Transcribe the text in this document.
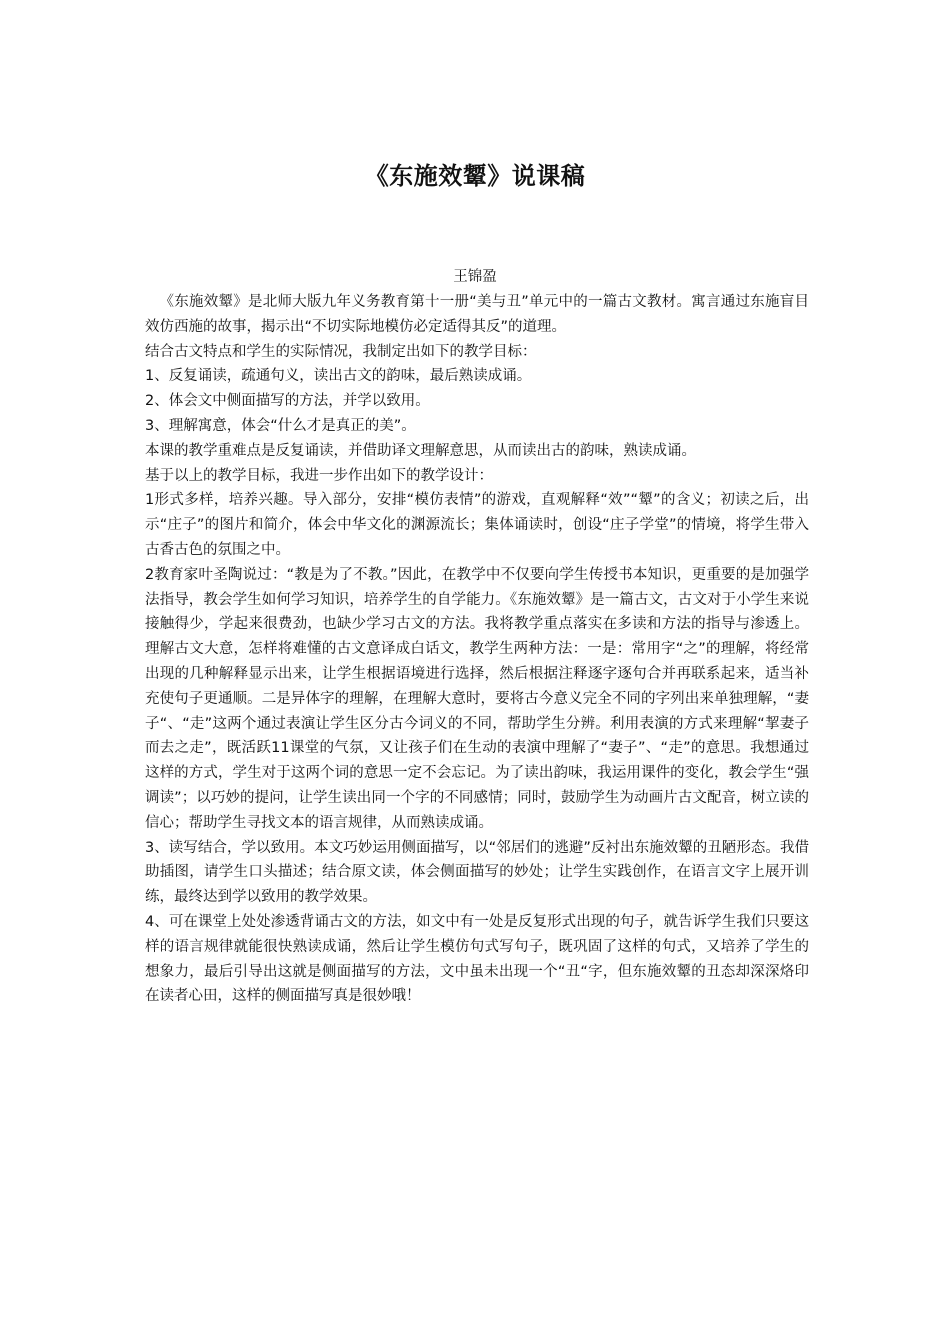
《东施效颦》说课稿
王锦盈

《东施效颦》是北师大版九年义务教育第十一册“美与丑”单元中的一篇古文教材。寓言通过东施盲目效仿西施的故事，揭示出“不切实际地模仿必定适得其反”的道理。

结合古文特点和学生的实际情况，我制定出如下的教学目标：

1、反复诵读，疏通句义，读出古文的韵味，最后熟读成诵。

2、体会文中侧面描写的方法，并学以致用。

3、理解寓意，体会“什么才是真正的美”。

本课的教学重难点是反复诵读，并借助译文理解意思，从而读出古的韵味，熟读成诵。

基于以上的教学目标，我进一步作出如下的教学设计：

1形式多样，培养兴趣。导入部分，安排“模仿表情”的游戏，直观解释“效”“颦”的含义；初读之后，出示“庄子”的图片和简介，体会中华文化的渊源流长；集体诵读时，创设“庄子学堂”的情境，将学生带入古香古色的氛围之中。

2教育家叶圣陶说过：“教是为了不教。”因此，在教学中不仅要向学生传授书本知识，更重要的是加强学法指导，教会学生如何学习知识，培养学生的自学能力。《东施效颦》是一篇古文，古文对于小学生来说接触得少，学起来很费劲，也缺少学习古文的方法。我将教学重点落实在多读和方法的指导与渗透上。理解古文大意，怎样将难懂的古文意译成白话文，教学生两种方法：一是：常用字“之”的理解，将经常出现的几种解释显示出来，让学生根据语境进行选择，然后根据注释逐字逐句合并再联系起来，适当补充使句子更通顺。二是异体字的理解，在理解大意时，要将古今意义完全不同的字列出来单独理解，“妻子“、“走”这两个通过表演让学生区分古今词义的不同，帮助学生分辨。利用表演的方式来理解“挈妻子而去之走”，既活跃11课堂的气氛，又让孩子们在生动的表演中理解了“妻子”、“走”的意思。我想通过这样的方式，学生对于这两个词的意思一定不会忘记。为了读出韵味，我运用课件的变化，教会学生“强调读”；以巧妙的提问，让学生读出同一个字的不同感情；同时，鼓励学生为动画片古文配音，树立读的信心；帮助学生寻找文本的语言规律，从而熟读成诵。

3、读写结合，学以致用。本文巧妙运用侧面描写，以“邻居们的逃避”反衬出东施效颦的丑陋形态。我借助插图，请学生口头描述；结合原文读，体会侧面描写的妙处；让学生实践创作，在语言文字上展开训练，最终达到学以致用的教学效果。

4、可在课堂上处处渗透背诵古文的方法，如文中有一处是反复形式出现的句子，就告诉学生我们只要这样的语言规律就能很快熟读成诵，然后让学生模仿句式写句子，既巩固了这样的句式，又培养了学生的想象力，最后引导出这就是侧面描写的方法，文中虽未出现一个“丑“字，但东施效颦的丑态却深深烙印在读者心田，这样的侧面描写真是很妙哦！
